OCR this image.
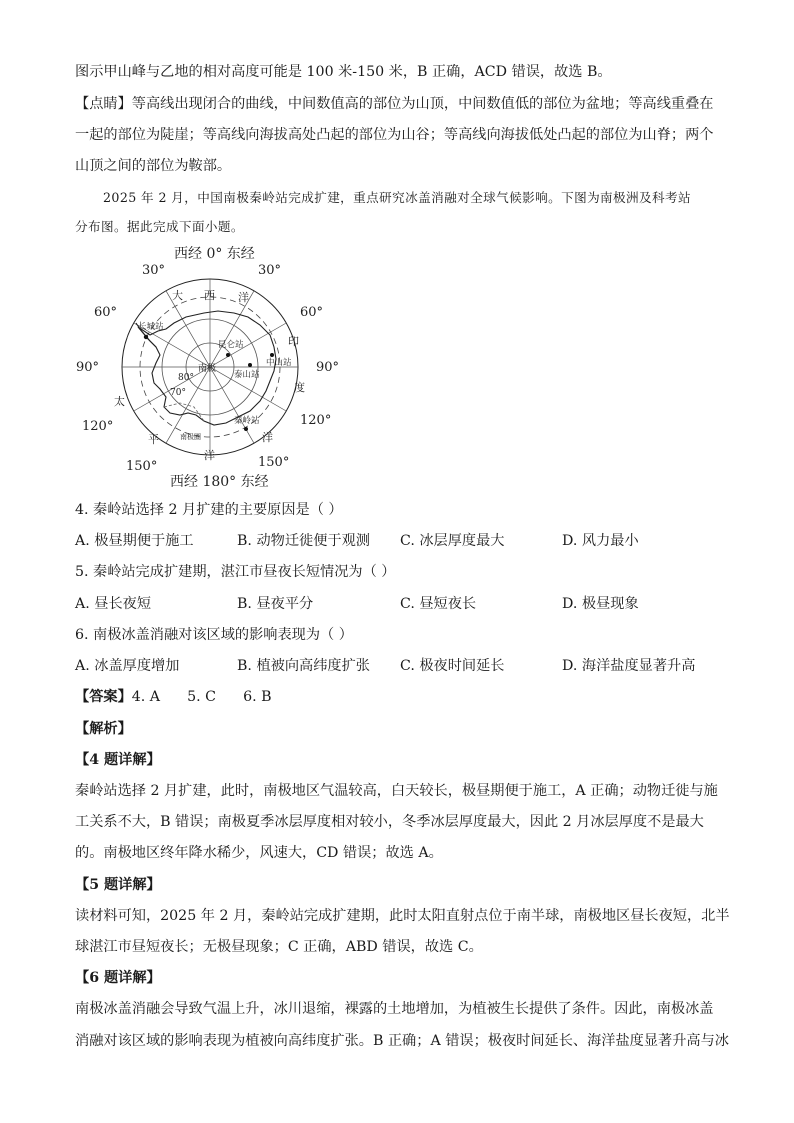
图示甲山峰与乙地的相对高度可能是 100 米-150 米，B 正确，ACD 错误，故选 B。
【点睛】等高线出现闭合的曲线，中间数值高的部位为山顶，中间数值低的部位为盆地；等高线重叠在
一起的部位为陡崖；等高线向海拔高处凸起的部位为山谷；等高线向海拔低处凸起的部位为山脊；两个
山顶之间的部位为鞍部。
2025 年 2 月，中国南极秦岭站完成扩建，重点研究冰盖消融对全球气候影响。下图为南极洲及科考站
分布图。据此完成下面小题。
长城站
昆仑站
泰山站
中山站
秦岭站
南极
南极圈
70°
80°
大 西 洋
印
度
太
平
洋
洋
西经 0° 东经
30°	30°
60°	60°
90°	90°
120°	120°
150°	150°
西经 180° 东经
4. 秦岭站选择 2 月扩建的主要原因是（ ）
A. 极昼期便于施工	B. 动物迁徙便于观测 C. 冰层厚度最大	D. 风力最小
5. 秦岭站完成扩建期，湛江市昼夜长短情况为（ ）
A. 昼长夜短	B. 昼夜平分	C. 昼短夜长	D. 极昼现象
6. 南极冰盖消融对该区域的影响表现为（ ）
A. 冰盖厚度增加	B. 植被向高纬度扩张 C. 极夜时间延长	D. 海洋盐度显著升高
【答案】4. A      5. C      6. B
【解析】
【4 题详解】
秦岭站选择 2 月扩建，此时，南极地区气温较高，白天较长，极昼期便于施工，A 正确；动物迁徙与施
工关系不大，B 错误；南极夏季冰层厚度相对较小，冬季冰层厚度最大，因此 2 月冰层厚度不是最大
的。南极地区终年降水稀少，风速大，CD 错误；故选 A。
【5 题详解】
读材料可知，2025 年 2 月，秦岭站完成扩建期，此时太阳直射点位于南半球，南极地区昼长夜短，北半
球湛江市昼短夜长；无极昼现象；C 正确，ABD 错误，故选 C。
【6 题详解】
南极冰盖消融会导致气温上升，冰川退缩，裸露的土地增加，为植被生长提供了条件。因此，南极冰盖
消融对该区域的影响表现为植被向高纬度扩张。B 正确；A 错误；极夜时间延长、海洋盐度显著升高与冰
